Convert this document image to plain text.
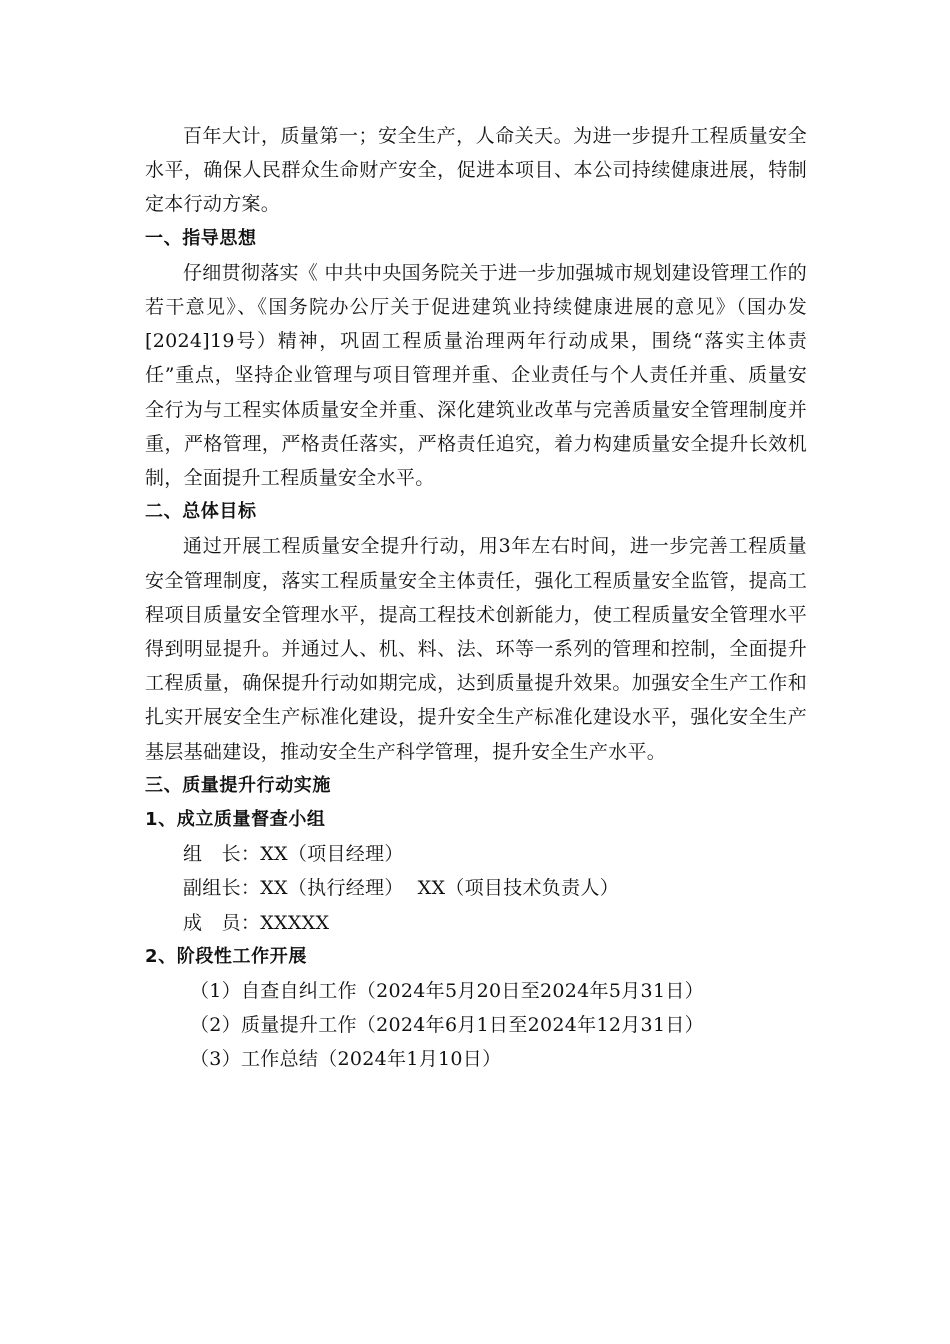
百年大计，质量第一；安全生产，人命关天。为进一步提升工程质量安全水平，确保人民群众生命财产安全，促进本项目、本公司持续健康进展，特制定本行动方案。

一、指导思想

仔细贯彻落实《 中共中央国务院关于进一步加强城市规划建设管理工作的若干意见》、《国务院办公厅关于促进建筑业持续健康进展的意见》（国办发[2024]19号）精神，巩固工程质量治理两年行动成果，围绕“落实主体责任”重点，坚持企业管理与项目管理并重、企业责任与个人责任并重、质量安全行为与工程实体质量安全并重、深化建筑业改革与完善质量安全管理制度并重，严格管理，严格责任落实，严格责任追究，着力构建质量安全提升长效机制，全面提升工程质量安全水平。

二、总体目标

通过开展工程质量安全提升行动，用3年左右时间，进一步完善工程质量安全管理制度，落实工程质量安全主体责任，强化工程质量安全监管，提高工程项目质量安全管理水平，提高工程技术创新能力，使工程质量安全管理水平得到明显提升。并通过人、机、料、法、环等一系列的管理和控制，全面提升工程质量，确保提升行动如期完成，达到质量提升效果。加强安全生产工作和扎实开展安全生产标准化建设，提升安全生产标准化建设水平，强化安全生产基层基础建设，推动安全生产科学管理，提升安全生产水平。

三、质量提升行动实施

1、成立质量督查小组

组　长：XX（项目经理）

副组长：XX（执行经理） XX（项目技术负责人）

成　员：XXXXX

2、阶段性工作开展

（1）自查自纠工作（2024年5月20日至2024年5月31日）

（2）质量提升工作（2024年6月1日至2024年12月31日）

（3）工作总结（2024年1月10日）
